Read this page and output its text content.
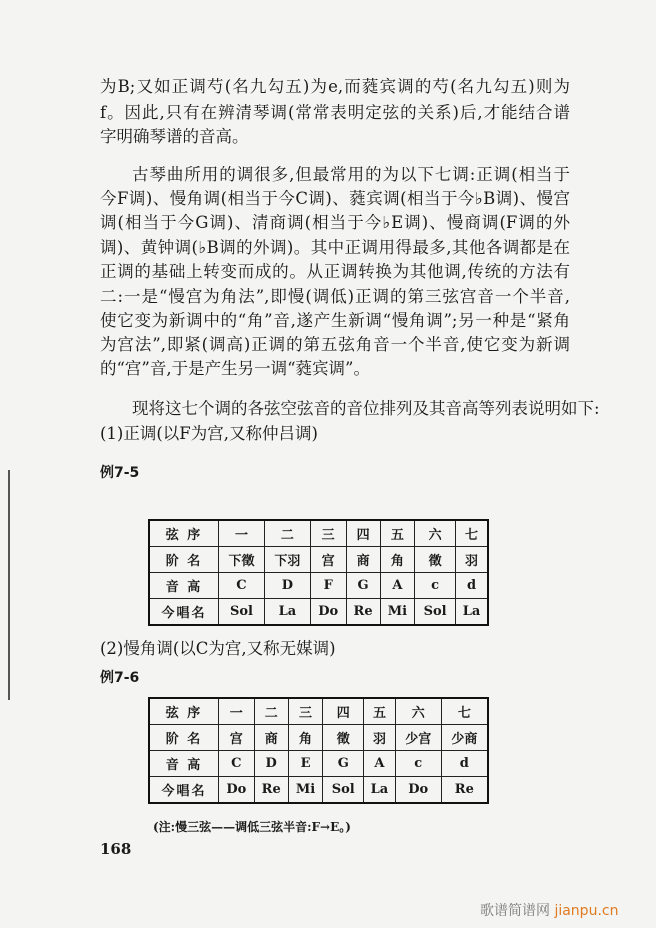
为B;又如正调芍(名九勾五)为e,而蕤宾调的芍(名九勾五)则为
f。因此,只有在辨清琴调(常常表明定弦的关系)后,才能结合谱
字明确琴谱的音高。
古琴曲所用的调很多,但最常用的为以下七调:正调(相当于
今F调)、慢角调(相当于今C调)、蕤宾调(相当于今♭B调)、慢宫
调(相当于今G调)、清商调(相当于今♭E调)、慢商调(F调的外
调)、黄钟调(♭B调的外调)。其中正调用得最多,其他各调都是在
正调的基础上转变而成的。从正调转换为其他调,传统的方法有
二:一是“慢宫为角法”,即慢(调低)正调的第三弦宫音一个半音,
使它变为新调中的“角”音,遂产生新调“慢角调”;另一种是“紧角
为宫法”,即紧(调高)正调的第五弦角音一个半音,使它变为新调
的“宫”音,于是产生另一调“蕤宾调”。
现将这七个调的各弦空弦音的音位排列及其音高等列表说明如下:
(1)正调(以F为宫,又称仲吕调)
例7-5
弦 序	一	二	三	四	五	六	七
阶 名	下徵	下羽	宫	商	角	徵	羽
音 高	C	D	F	G	A	c	d
今唱名	Sol	La	Do	Re	Mi	Sol	La
(2)慢角调(以C为宫,又称无媒调)
例7-6
弦 序	一	二	三	四	五	六	七
阶 名	宫	商	角	徵	羽	少宫	少商
音 高	C	D	E	G	A	c	d
今唱名	Do	Re	Mi	Sol	La	Do	Re
(注:慢三弦——调低三弦半音:F→E。)
168
歌谱简谱网 jianpu.cn
